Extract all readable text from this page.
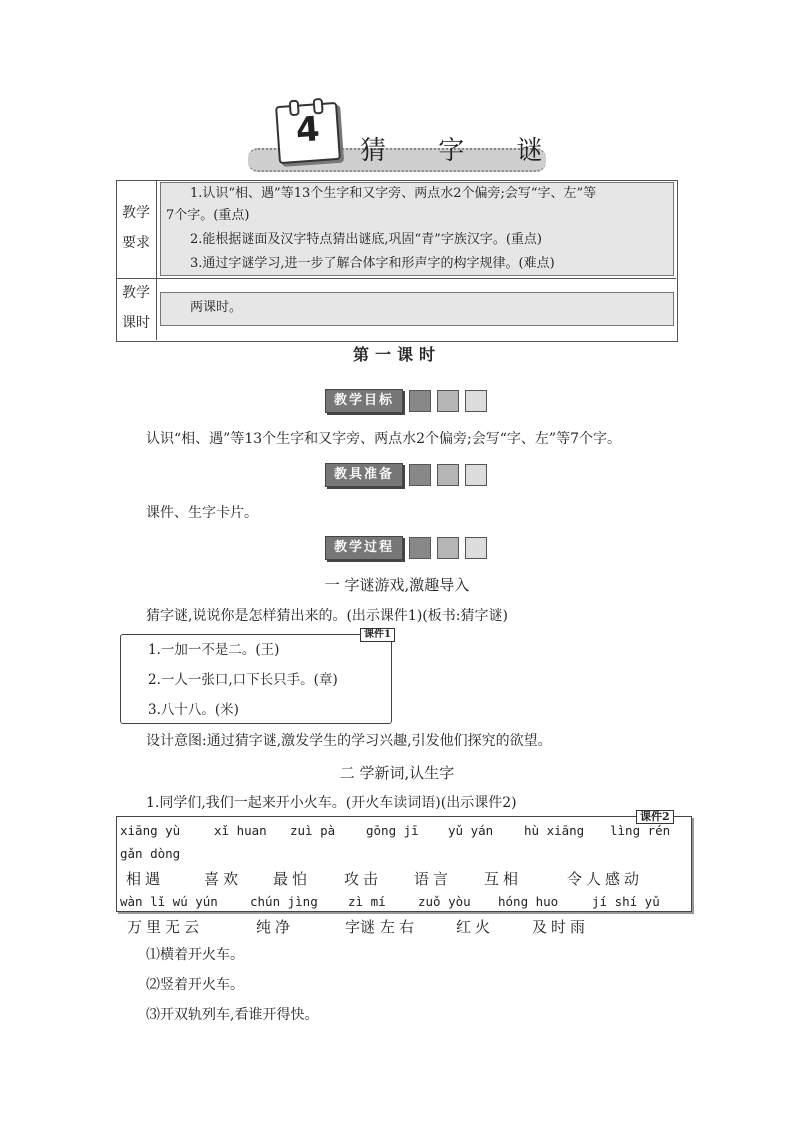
4
猜 字 谜
教学
要求
1.认识“相、遇”等13个生字和又字旁、两点水2个偏旁;会写“字、左”等
7个字。(重点)
2.能根据谜面及汉字特点猜出谜底,巩固“青”字族汉字。(重点)
3.通过字谜学习,进一步了解合体字和形声字的构字规律。(难点)
教学
课时
两课时。
第一课时
教学目标
认识“相、遇”等13个生字和又字旁、两点水2个偏旁;会写“字、左”等7个字。
教具准备
课件、生字卡片。
教学过程
一 字谜游戏,激趣导入
猜字谜,说说你是怎样猜出来的。(出示课件1)(板书:猜字谜)
课件1
1.一加一不是二。(王)
2.一人一张口,口下长只手。(章)
3.八十八。(米)
设计意图:通过猜字谜,激发学生的学习兴趣,引发他们探究的欲望。
二 学新词,认生字
1.同学们,我们一起来开小火车。(开火车读词语)(出示课件2)
课件2
xiāng yù	xǐ huan zuì pà gōng jī yǔ yán hù xiāng lìng rén
gǎn dòng
相遇	喜欢 最怕 攻击 语言 互相	令人感动
wàn lǐ wú yún	chún jìng zì mí	zuǒ yòu hóng huo	jí shí yǔ
万里无云	纯净	字谜 左右	红火	及时雨
⑴横着开火车。
⑵竖着开火车。
⑶开双轨列车,看谁开得快。
